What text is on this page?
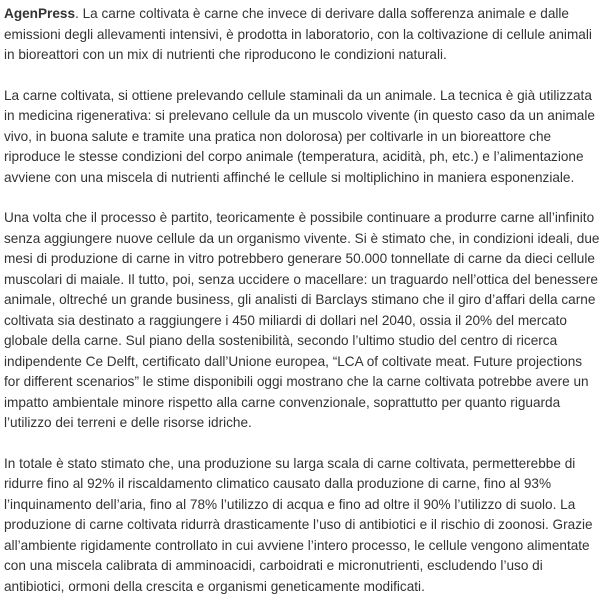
AgenPress. La carne coltivata è carne che invece di derivare dalla sofferenza animale e dalle emissioni degli allevamenti intensivi, è prodotta in laboratorio, con la coltivazione di cellule animali in bioreattori con un mix di nutrienti che riproducono le condizioni naturali.

La carne coltivata, si ottiene prelevando cellule staminali da un animale. La tecnica è già utilizzata in medicina rigenerativa: si prelevano cellule da un muscolo vivente (in questo caso da un animale vivo, in buona salute e tramite una pratica non dolorosa) per coltivarle in un bioreattore che riproduce le stesse condizioni del corpo animale (temperatura, acidità, ph, etc.) e l’alimentazione avviene con una miscela di nutrienti affinché le cellule si moltiplichino in maniera esponenziale.

Una volta che il processo è partito, teoricamente è possibile continuare a produrre carne all’infinito senza aggiungere nuove cellule da un organismo vivente. Si è stimato che, in condizioni ideali, due mesi di produzione di carne in vitro potrebbero generare 50.000 tonnellate di carne da dieci cellule muscolari di maiale. Il tutto, poi, senza uccidere o macellare: un traguardo nell’ottica del benessere animale, oltreché un grande business, gli analisti di Barclays stimano che il giro d’affari della carne coltivata sia destinato a raggiungere i 450 miliardi di dollari nel 2040, ossia il 20% del mercato globale della carne. Sul piano della sostenibilità, secondo l’ultimo studio del centro di ricerca indipendente Ce Delft, certificato dall’Unione europea, “LCA of coltivate meat. Future projections for different scenarios” le stime disponibili oggi mostrano che la carne coltivata potrebbe avere un impatto ambientale minore rispetto alla carne convenzionale, soprattutto per quanto riguarda l’utilizzo dei terreni e delle risorse idriche.

In totale è stato stimato che, una produzione su larga scala di carne coltivata, permetterebbe di ridurre fino al 92% il riscaldamento climatico causato dalla produzione di carne, fino al 93% l’inquinamento dell’aria, fino al 78% l’utilizzo di acqua e fino ad oltre il 90% l’utilizzo di suolo. La produzione di carne coltivata ridurrà drasticamente l’uso di antibiotici e il rischio di zoonosi. Grazie all’ambiente rigidamente controllato in cui avviene l’intero processo, le cellule vengono alimentate con una miscela calibrata di amminoacidi, carboidrati e micronutrienti, escludendo l’uso di antibiotici, ormoni della crescita e organismi geneticamente modificati.
